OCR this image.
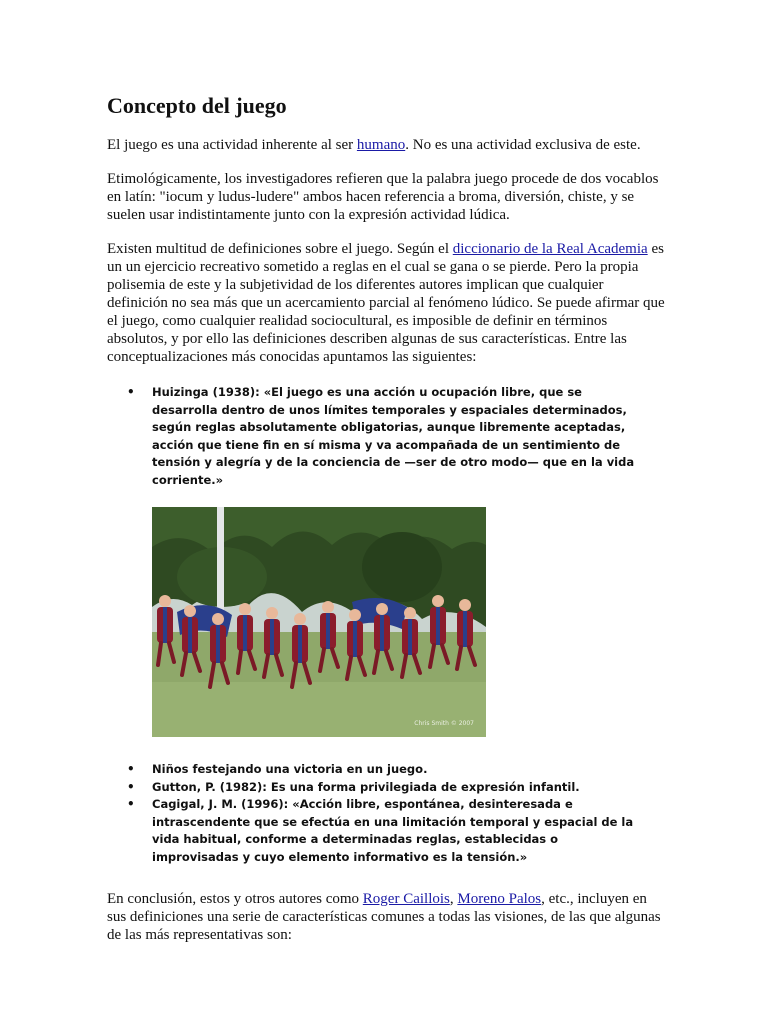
Concepto del juego

El juego es una actividad inherente al ser humano. No es una actividad exclusiva de este.

Etimológicamente, los investigadores refieren que la palabra juego procede de dos vocablos en latín: "iocum y ludus-ludere" ambos hacen referencia a broma, diversión, chiste, y se suelen usar indistintamente junto con la expresión actividad lúdica.

Existen multitud de definiciones sobre el juego. Según el diccionario de la Real Academia es un un ejercicio recreativo sometido a reglas en el cual se gana o se pierde. Pero la propia polisemia de este y la subjetividad de los diferentes autores implican que cualquier definición no sea más que un acercamiento parcial al fenómeno lúdico. Se puede afirmar que el juego, como cualquier realidad sociocultural, es imposible de definir en términos absolutos, y por ello las definiciones describen algunas de sus características. Entre las conceptualizaciones más conocidas apuntamos las siguientes:

• Huizinga (1938): «El juego es una acción u ocupación libre, que se desarrolla dentro de unos límites temporales y espaciales determinados, según reglas absolutamente obligatorias, aunque libremente aceptadas, acción que tiene fin en sí misma y va acompañada de un sentimiento de tensión y alegría y de la conciencia de —ser de otro modo— que en la vida corriente.»
Chris Smith © 2007
• Niños festejando una victoria en un juego.
• Gutton, P. (1982): Es una forma privilegiada de expresión infantil.
• Cagigal, J. M. (1996): «Acción libre, espontánea, desinteresada e intrascendente que se efectúa en una limitación temporal y espacial de la vida habitual, conforme a determinadas reglas, establecidas o improvisadas y cuyo elemento informativo es la tensión.»

En conclusión, estos y otros autores como Roger Caillois, Moreno Palos, etc., incluyen en sus definiciones una serie de características comunes a todas las visiones, de las que algunas de las más representativas son:
